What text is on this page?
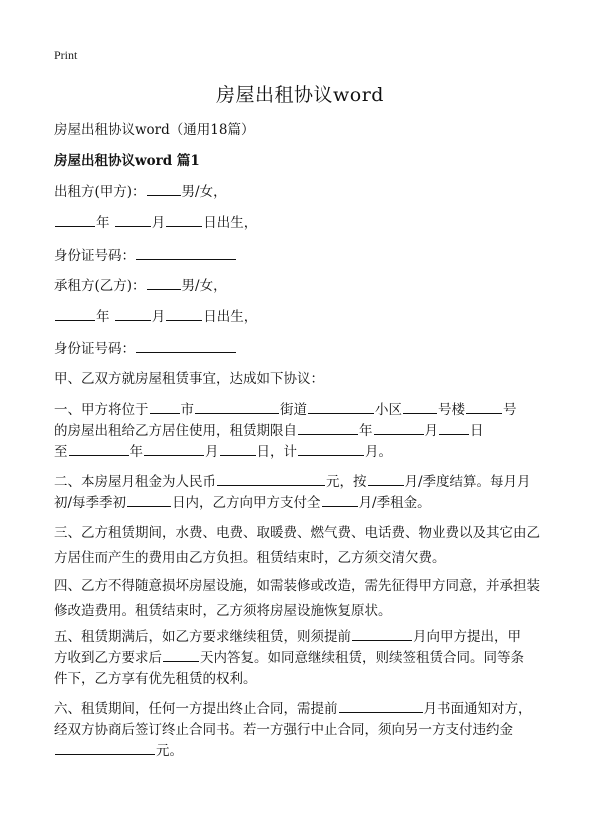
Print
房屋出租协议word
房屋出租协议word（通用18篇）
房屋出租协议word 篇1
出租方(甲方)：	男/女，
年	月	日出生，
身份证号码：
承租方(乙方)：	男/女，
年	月	日出生，
身份证号码：
甲、乙双方就房屋租赁事宜，达成如下协议：
一、甲方将位于 市	街道	小区	号楼	号
的房屋出租给乙方居住使用，租赁期限自	年	月 日
至	年	月	日，计	月。
二、本房屋月租金为人民币	元，按	月/季度结算。每月月
初/每季季初	日内，乙方向甲方支付全	月/季租金。
三、乙方租赁期间，水费、电费、取暖费、燃气费、电话费、物业费以及其它由乙方居住而产生的费用由乙方负担。租赁结束时，乙方须交清欠费。
四、乙方不得随意损坏房屋设施，如需装修或改造，需先征得甲方同意，并承担装修改造费用。租赁结束时，乙方须将房屋设施恢复原状。
五、租赁期满后，如乙方要求继续租赁，则须提前	月向甲方提出，甲
方收到乙方要求后	天内答复。如同意继续租赁，则续签租赁合同。同等条
件下，乙方享有优先租赁的权利。
六、租赁期间，任何一方提出终止合同，需提前	月书面通知对方，
经双方协商后签订终止合同书。若一方强行中止合同，须向另一方支付违约金
元。
